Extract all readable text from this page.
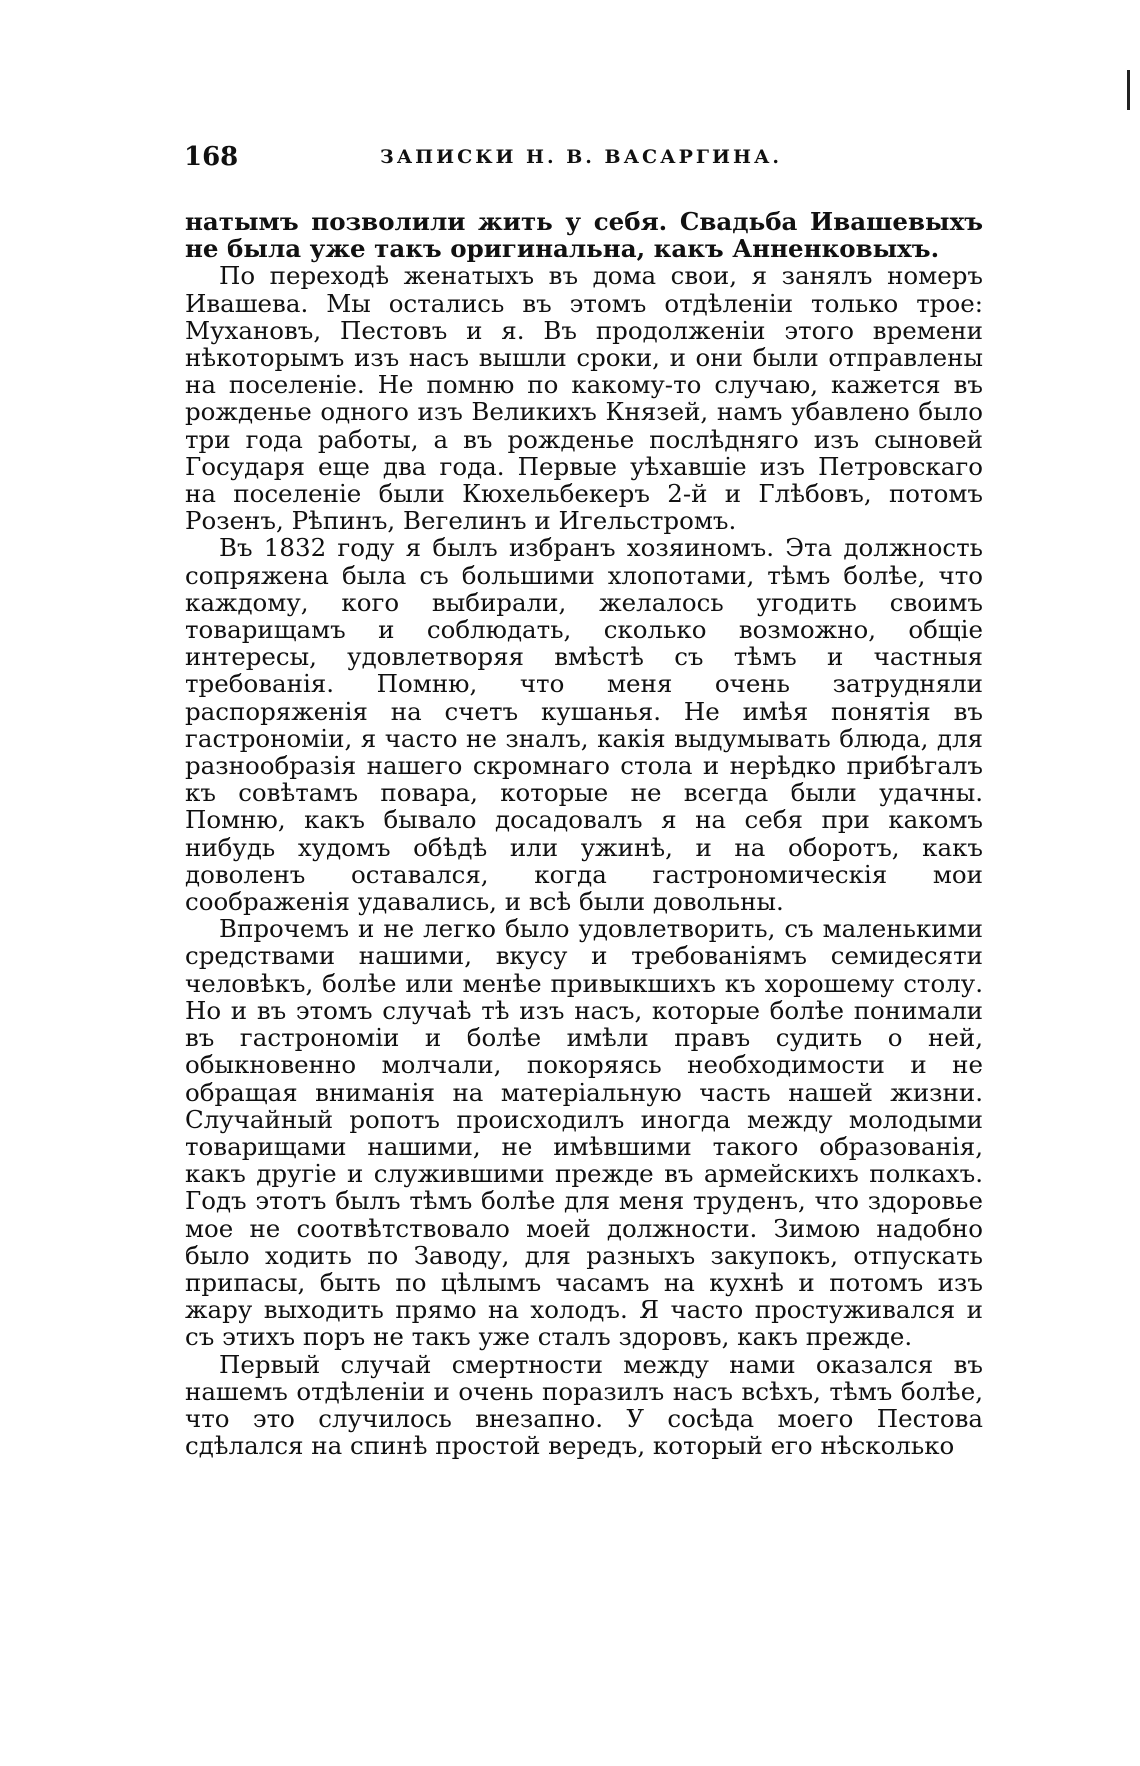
168	ЗАПИСКИ Н. В. ВАСАРГИНА.

натымъ позволили жить у себя. Свадьба Ивашевыхъ не была уже такъ оригинальна, какъ Анненковыхъ.

По переходѣ женатыхъ въ дома свои, я занялъ номеръ Ивашева. Мы остались въ этомъ отдѣленіи только трое: Мухановъ, Пестовъ и я. Въ продолженіи этого времени нѣкоторымъ изъ насъ вышли сроки, и они были отправлены на поселеніе. Не помню по какому-то случаю, кажется въ рожденье одного изъ Великихъ Князей, намъ убавлено было три года работы, а въ рожденье послѣдняго изъ сыновей Государя еще два года. Первые уѣхавшіе изъ Петровскаго на поселеніе были Кюхельбекеръ 2-й и Глѣбовъ, потомъ Розенъ, Рѣпинъ, Вегелинъ и Игельстромъ.

Въ 1832 году я былъ избранъ хозяиномъ. Эта должность сопряжена была съ большими хлопотами, тѣмъ болѣе, что каждому, кого выбирали, желалось угодить своимъ товарищамъ и соблюдать, сколько возможно, общіе интересы, удовлетворяя вмѣстѣ съ тѣмъ и частныя требованія. Помню, что меня очень затрудняли распоряженія на счетъ кушанья. Не имѣя понятія въ гастрономіи, я часто не зналъ, какія выдумывать блюда, для разнообразія нашего скромнаго стола и нерѣдко прибѣгалъ къ совѣтамъ повара, которые не всегда были удачны. Помню, какъ бывало досадовалъ я на себя при какомъ нибудь худомъ обѣдѣ или ужинѣ, и на оборотъ, какъ доволенъ оставался, когда гастрономическія мои соображенія удавались, и всѣ были довольны.

Впрочемъ и не легко было удовлетворить, съ маленькими средствами нашими, вкусу и требованіямъ семидесяти человѣкъ, болѣе или менѣе привыкшихъ къ хорошему столу. Но и въ этомъ случаѣ тѣ изъ насъ, которые болѣе понимали въ гастрономіи и болѣе имѣли правъ судить о ней, обыкновенно молчали, покоряясь необходимости и не обращая вниманія на матеріальную часть нашей жизни. Случайный ропотъ происходилъ иногда между молодыми товарищами нашими, не имѣвшими такого образованія, какъ другіе и служившими прежде въ армейскихъ полкахъ. Годъ этотъ былъ тѣмъ болѣе для меня труденъ, что здоровье мое не соотвѣтствовало моей должности. Зимою надобно было ходить по Заводу, для разныхъ закупокъ, отпускать припасы, быть по цѣлымъ часамъ на кухнѣ и потомъ изъ жару выходить прямо на холодъ. Я часто простуживался и съ этихъ поръ не такъ уже сталъ здоровъ, какъ прежде.

Первый случай смертности между нами оказался въ нашемъ отдѣленіи и очень поразилъ насъ всѣхъ, тѣмъ болѣе, что это случилось внезапно. У сосѣда моего Пестова сдѣлался на спинѣ простой вередъ, который его нѣсколько
